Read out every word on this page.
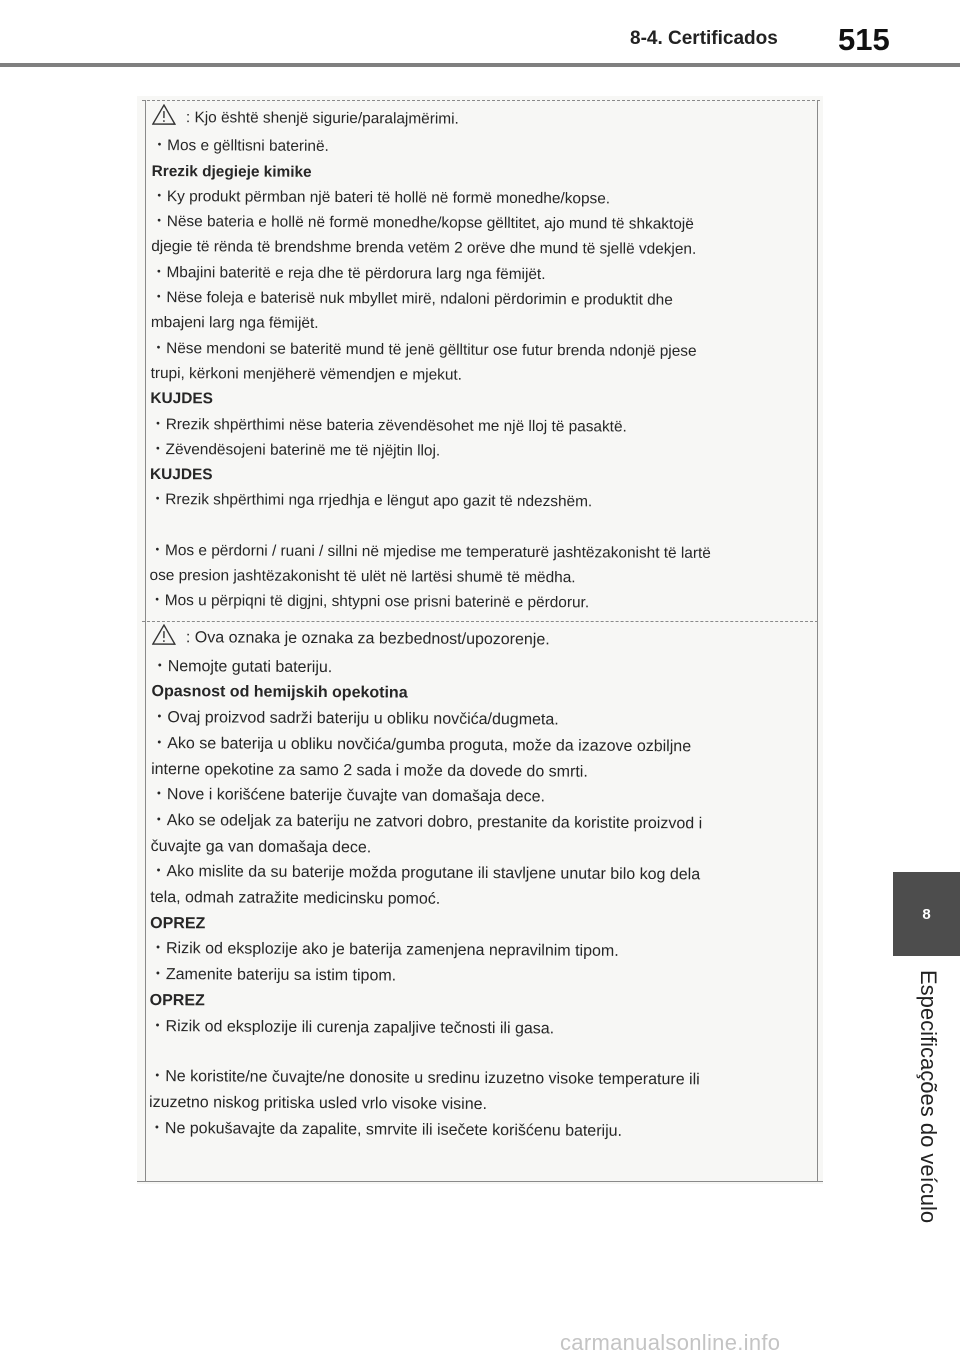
8-4. Certificados 515
8
Especificações do veículo
: Kjo është shenjë sigurie/paralajmërimi.
・Mos e gëlltisni baterinë.
Rrezik djegieje kimike
・Ky produkt përmban një bateri të hollë në formë monedhe/kopse.
・Nëse bateria e hollë në formë monedhe/kopse gëlltitet, ajo mund të shkaktojë
djegie të rënda të brendshme brenda vetëm 2 orëve dhe mund të sjellë vdekjen.
・Mbajini bateritë e reja dhe të përdorura larg nga fëmijët.
・Nëse foleja e baterisë nuk mbyllet mirë, ndaloni përdorimin e produktit dhe
mbajeni larg nga fëmijët.
・Nëse mendoni se bateritë mund të jenë gëlltitur ose futur brenda ndonjë pjese
trupi, kërkoni menjëherë vëmendjen e mjekut.
KUJDES
・Rrezik shpërthimi nëse bateria zëvendësohet me një lloj të pasaktë.
・Zëvendësojeni baterinë me të njëjtin lloj.
KUJDES
・Rrezik shpërthimi nga rrjedhja e lëngut apo gazit të ndezshëm.
・Mos e përdorni / ruani / sillni në mjedise me temperaturë jashtëzakonisht të lartë
ose presion jashtëzakonisht të ulët në lartësi shumë të mëdha.
・Mos u përpiqni të digjni, shtypni ose prisni baterinë e përdorur.
: Ova oznaka je oznaka za bezbednost/upozorenje.
・Nemojte gutati bateriju.
Opasnost od hemijskih opekotina
・Ovaj proizvod sadrži bateriju u obliku novčića/dugmeta.
・Ako se baterija u obliku novčića/gumba proguta, može da izazove ozbiljne
interne opekotine za samo 2 sada i može da dovede do smrti.
・Nove i korišćene baterije čuvajte van domašaja dece.
・Ako se odeljak za bateriju ne zatvori dobro, prestanite da koristite proizvod i
čuvajte ga van domašaja dece.
・Ako mislite da su baterije možda progutane ili stavljene unutar bilo kog dela
tela, odmah zatražite medicinsku pomoć.
OPREZ
・Rizik od eksplozije ako je baterija zamenjena nepravilnim tipom.
・Zamenite bateriju sa istim tipom.
OPREZ
・Rizik od eksplozije ili curenja zapaljive tečnosti ili gasa.
・Ne koristite/ne čuvajte/ne donosite u sredinu izuzetno visoke temperature ili
izuzetno niskog pritiska usled vrlo visoke visine.
・Ne pokušavajte da zapalite, smrvite ili isečete korišćenu bateriju.
carmanualsonline.info
